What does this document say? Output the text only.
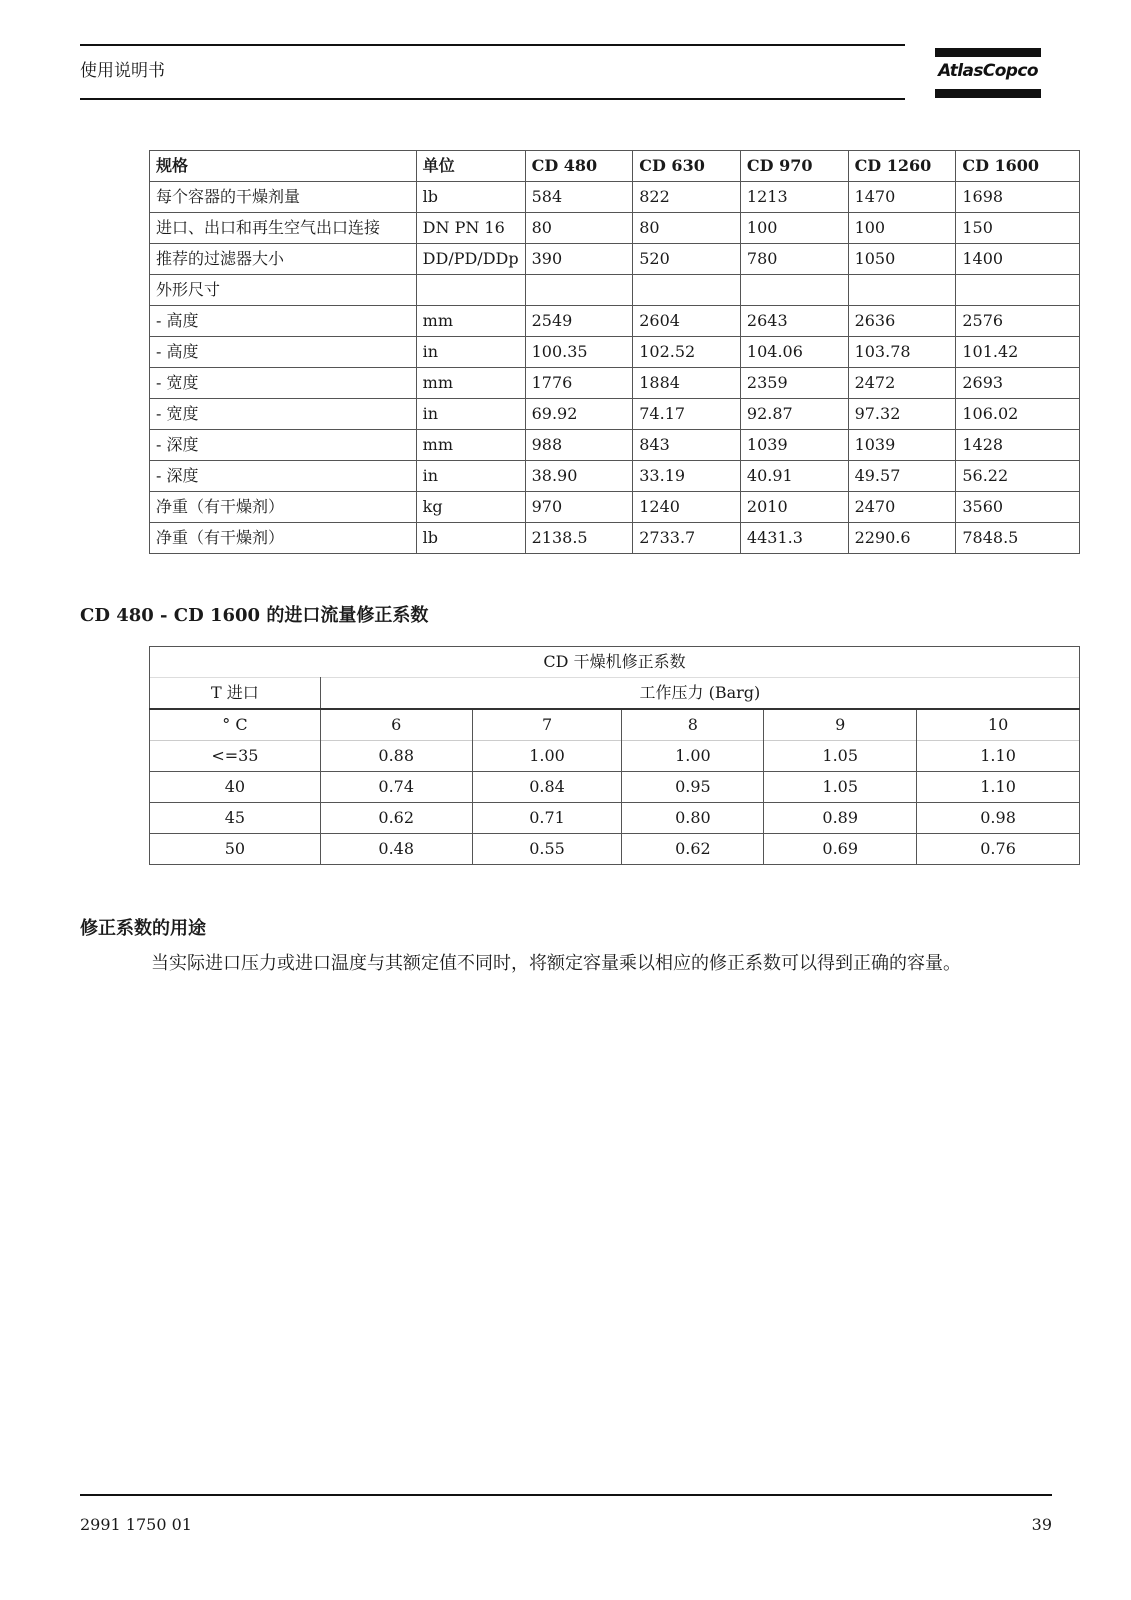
使用说明书	AtlasCopco
规格	单位	CD 480	CD 630	CD 970	CD 1260	CD 1600
每个容器的干燥剂量	lb	584	822	1213	1470	1698
进口、出口和再生空气出口连接	DN PN 16	80	80	100	100	150
推荐的过滤器大小	DD/PD/DDp	390	520	780	1050	1400
外形尺寸						
- 高度	mm	2549	2604	2643	2636	2576
- 高度	in	100.35	102.52	104.06	103.78	101.42
- 宽度	mm	1776	1884	2359	2472	2693
- 宽度	in	69.92	74.17	92.87	97.32	106.02
- 深度	mm	988	843	1039	1039	1428
- 深度	in	38.90	33.19	40.91	49.57	56.22
净重（有干燥剂）	kg	970	1240	2010	2470	3560
净重（有干燥剂）	lb	2138.5	2733.7	4431.3	2290.6	7848.5
CD 480 - CD 1600 的进口流量修正系数
CD 干燥机修正系数					
T 进口	工作压力 (Barg)				
° C	6	7	8	9	10
<=35	0.88	1.00	1.00	1.05	1.10
40	0.74	0.84	0.95	1.05	1.10
45	0.62	0.71	0.80	0.89	0.98
50	0.48	0.55	0.62	0.69	0.76
修正系数的用途
当实际进口压力或进口温度与其额定值不同时，将额定容量乘以相应的修正系数可以得到正确的容量。
2991 1750 01	39
